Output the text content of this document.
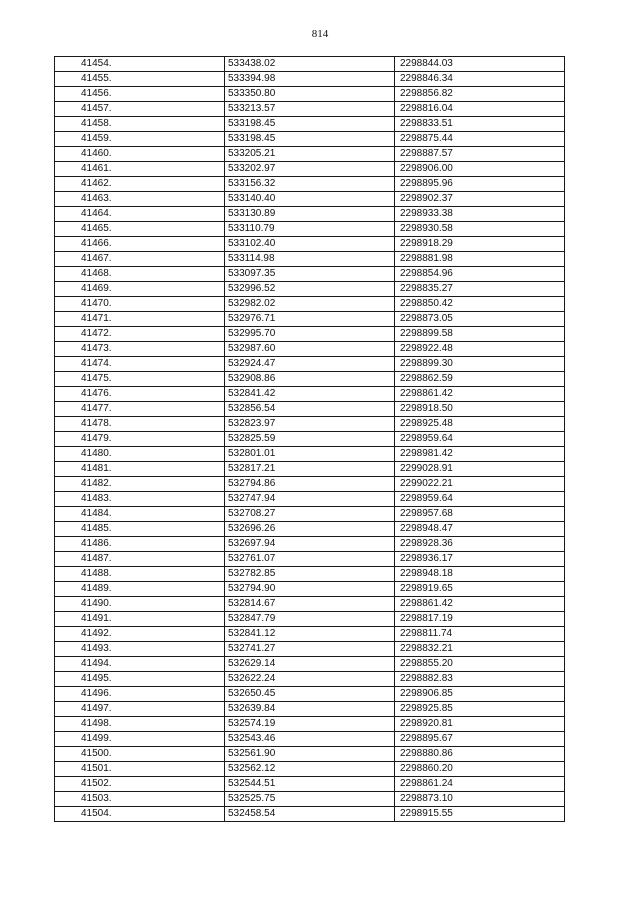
814
41454.	533438.02	2298844.03
41455.	533394.98	2298846.34
41456.	533350.80	2298856.82
41457.	533213.57	2298816.04
41458.	533198.45	2298833.51
41459.	533198.45	2298875.44
41460.	533205.21	2298887.57
41461.	533202.97	2298906.00
41462.	533156.32	2298895.96
41463.	533140.40	2298902.37
41464.	533130.89	2298933.38
41465.	533110.79	2298930.58
41466.	533102.40	2298918.29
41467.	533114.98	2298881.98
41468.	533097.35	2298854.96
41469.	532996.52	2298835.27
41470.	532982.02	2298850.42
41471.	532976.71	2298873.05
41472.	532995.70	2298899.58
41473.	532987.60	2298922.48
41474.	532924.47	2298899.30
41475.	532908.86	2298862.59
41476.	532841.42	2298861.42
41477.	532856.54	2298918.50
41478.	532823.97	2298925.48
41479.	532825.59	2298959.64
41480.	532801.01	2298981.42
41481.	532817.21	2299028.91
41482.	532794.86	2299022.21
41483.	532747.94	2298959.64
41484.	532708.27	2298957.68
41485.	532696.26	2298948.47
41486.	532697.94	2298928.36
41487.	532761.07	2298936.17
41488.	532782.85	2298948.18
41489.	532794.90	2298919.65
41490.	532814.67	2298861.42
41491.	532847.79	2298817.19
41492.	532841.12	2298811.74
41493.	532741.27	2298832.21
41494.	532629.14	2298855.20
41495.	532622.24	2298882.83
41496.	532650.45	2298906.85
41497.	532639.84	2298925.85
41498.	532574.19	2298920.81
41499.	532543.46	2298895.67
41500.	532561.90	2298880.86
41501.	532562.12	2298860.20
41502.	532544.51	2298861.24
41503.	532525.75	2298873.10
41504.	532458.54	2298915.55
